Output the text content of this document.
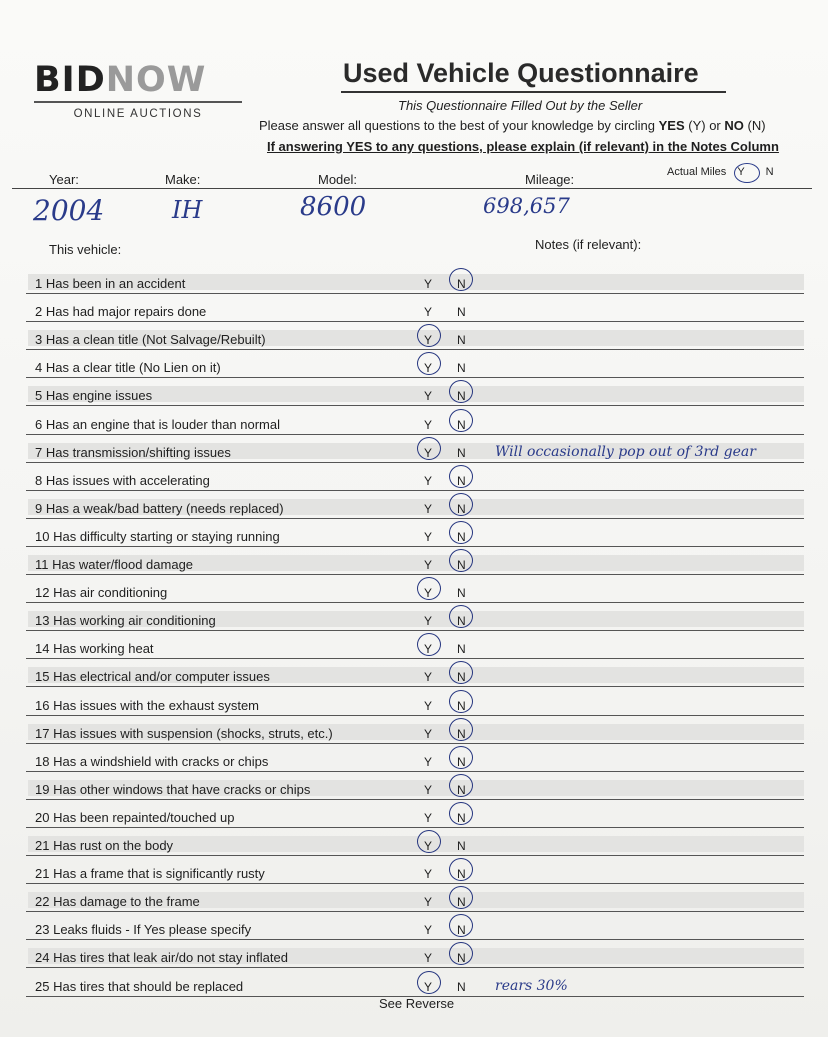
BIDNOW
ONLINE AUCTIONS
Used Vehicle Questionnaire
This Questionnaire Filled Out by the Seller
Please answer all questions to the best of your knowledge by circling YES (Y) or NO (N)
If answering YES to any questions, please explain (if relevant) in the Notes Column
Year:	Make:	Model:	Mileage:	Actual Miles Y N
2004	IH	8600	698,657
This vehicle:	Notes (if relevant):
1 Has been in an accident	Y N
2 Has had major repairs done	Y N
3 Has a clean title (Not Salvage/Rebuilt)	Y N
4 Has a clear title (No Lien on it)	Y N
5 Has engine issues	Y N
6 Has an engine that is louder than normal	Y N
7 Has transmission/shifting issues	Y N Will occasionally pop out of 3rd gear
8 Has issues with accelerating	Y N
9 Has a weak/bad battery (needs replaced)	Y N
10 Has difficulty starting or staying running	Y N
11 Has water/flood damage	Y N
12 Has air conditioning	Y N
13 Has working air conditioning	Y N
14 Has working heat	Y N
15 Has electrical and/or computer issues	Y N
16 Has issues with the exhaust system	Y N
17 Has issues with suspension (shocks, struts, etc.)	Y N
18 Has a windshield with cracks or chips	Y N
19 Has other windows that have cracks or chips	Y N
20 Has been repainted/touched up	Y N
21 Has rust on the body	Y N
21 Has a frame that is significantly rusty	Y N
22 Has damage to the frame	Y N
23 Leaks fluids - If Yes please specify	Y N
24 Has tires that leak air/do not stay inflated	Y N
25 Has tires that should be replaced	Y N rears 30%
See Reverse
